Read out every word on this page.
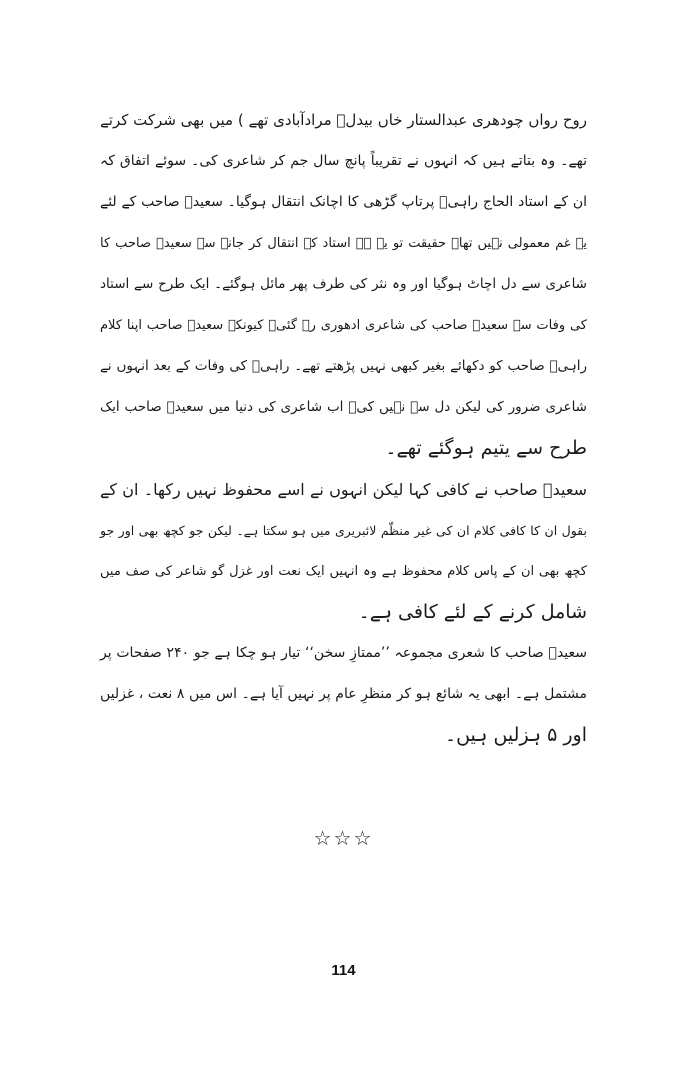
روح رواں چودھری عبدالستار خاں بیدلؔ مرادآبادی تھے ) میں بھی شرکت کرتے
تھے۔ وہ بتاتے ہیں کہ انہوں نے تقریباً پانچ سال جم کر شاعری کی۔ سوئے اتفاق کہ
ان کے استاد الحاج راہیؔ پرتاپ گڑھی کا اچانک انتقال ہوگیا۔ سعیدؔ صاحب کے لئے
یہ غم معمولی نہیں تھا۔ حقیقت تو یہ ہے استاد کے انتقال کر جانے سے سعیدؔ صاحب کا
شاعری سے دل اچاٹ ہوگیا اور وہ نثر کی طرف پھر مائل ہوگئے۔ ایک طرح سے استاد
کی وفات سے سعیدؔ صاحب کی شاعری ادھوری رہ گئی۔ کیونکہ سعیدؔ صاحب اپنا کلام
راہیؔ صاحب کو دکھائے بغیر کبھی نہیں پڑھتے تھے۔ راہیؔ کی وفات کے بعد انہوں نے
شاعری ضرور کی لیکن دل سے نہیں کی۔ اب شاعری کی دنیا میں سعیدؔ صاحب ایک
طرح سے یتیم ہوگئے تھے۔
سعیدؔ صاحب نے کافی کہا لیکن انہوں نے اسے محفوظ نہیں رکھا۔ ان کے
بقول ان کا کافی کلام ان کی غیر منظّم لائبریری میں ہو سکتا ہے۔ لیکن جو کچھ بھی اور جو
کچھ بھی ان کے پاس کلام محفوظ ہے وہ انہیں ایک نعت اور غزل گو شاعر کی صف میں
شامل کرنے کے لئے کافی ہے۔
سعیدؔ صاحب کا شعری مجموعہ ’’ممتازِ سخن‘‘ تیار ہو چکا ہے جو ۲۴۰ صفحات پر
مشتمل ہے۔ ابھی یہ شائع ہو کر منظرِ عام پر نہیں آیا ہے۔ اس میں ۸ نعت ، غزلیں
اور ۵ ہزلیں ہیں۔
☆☆☆
114
